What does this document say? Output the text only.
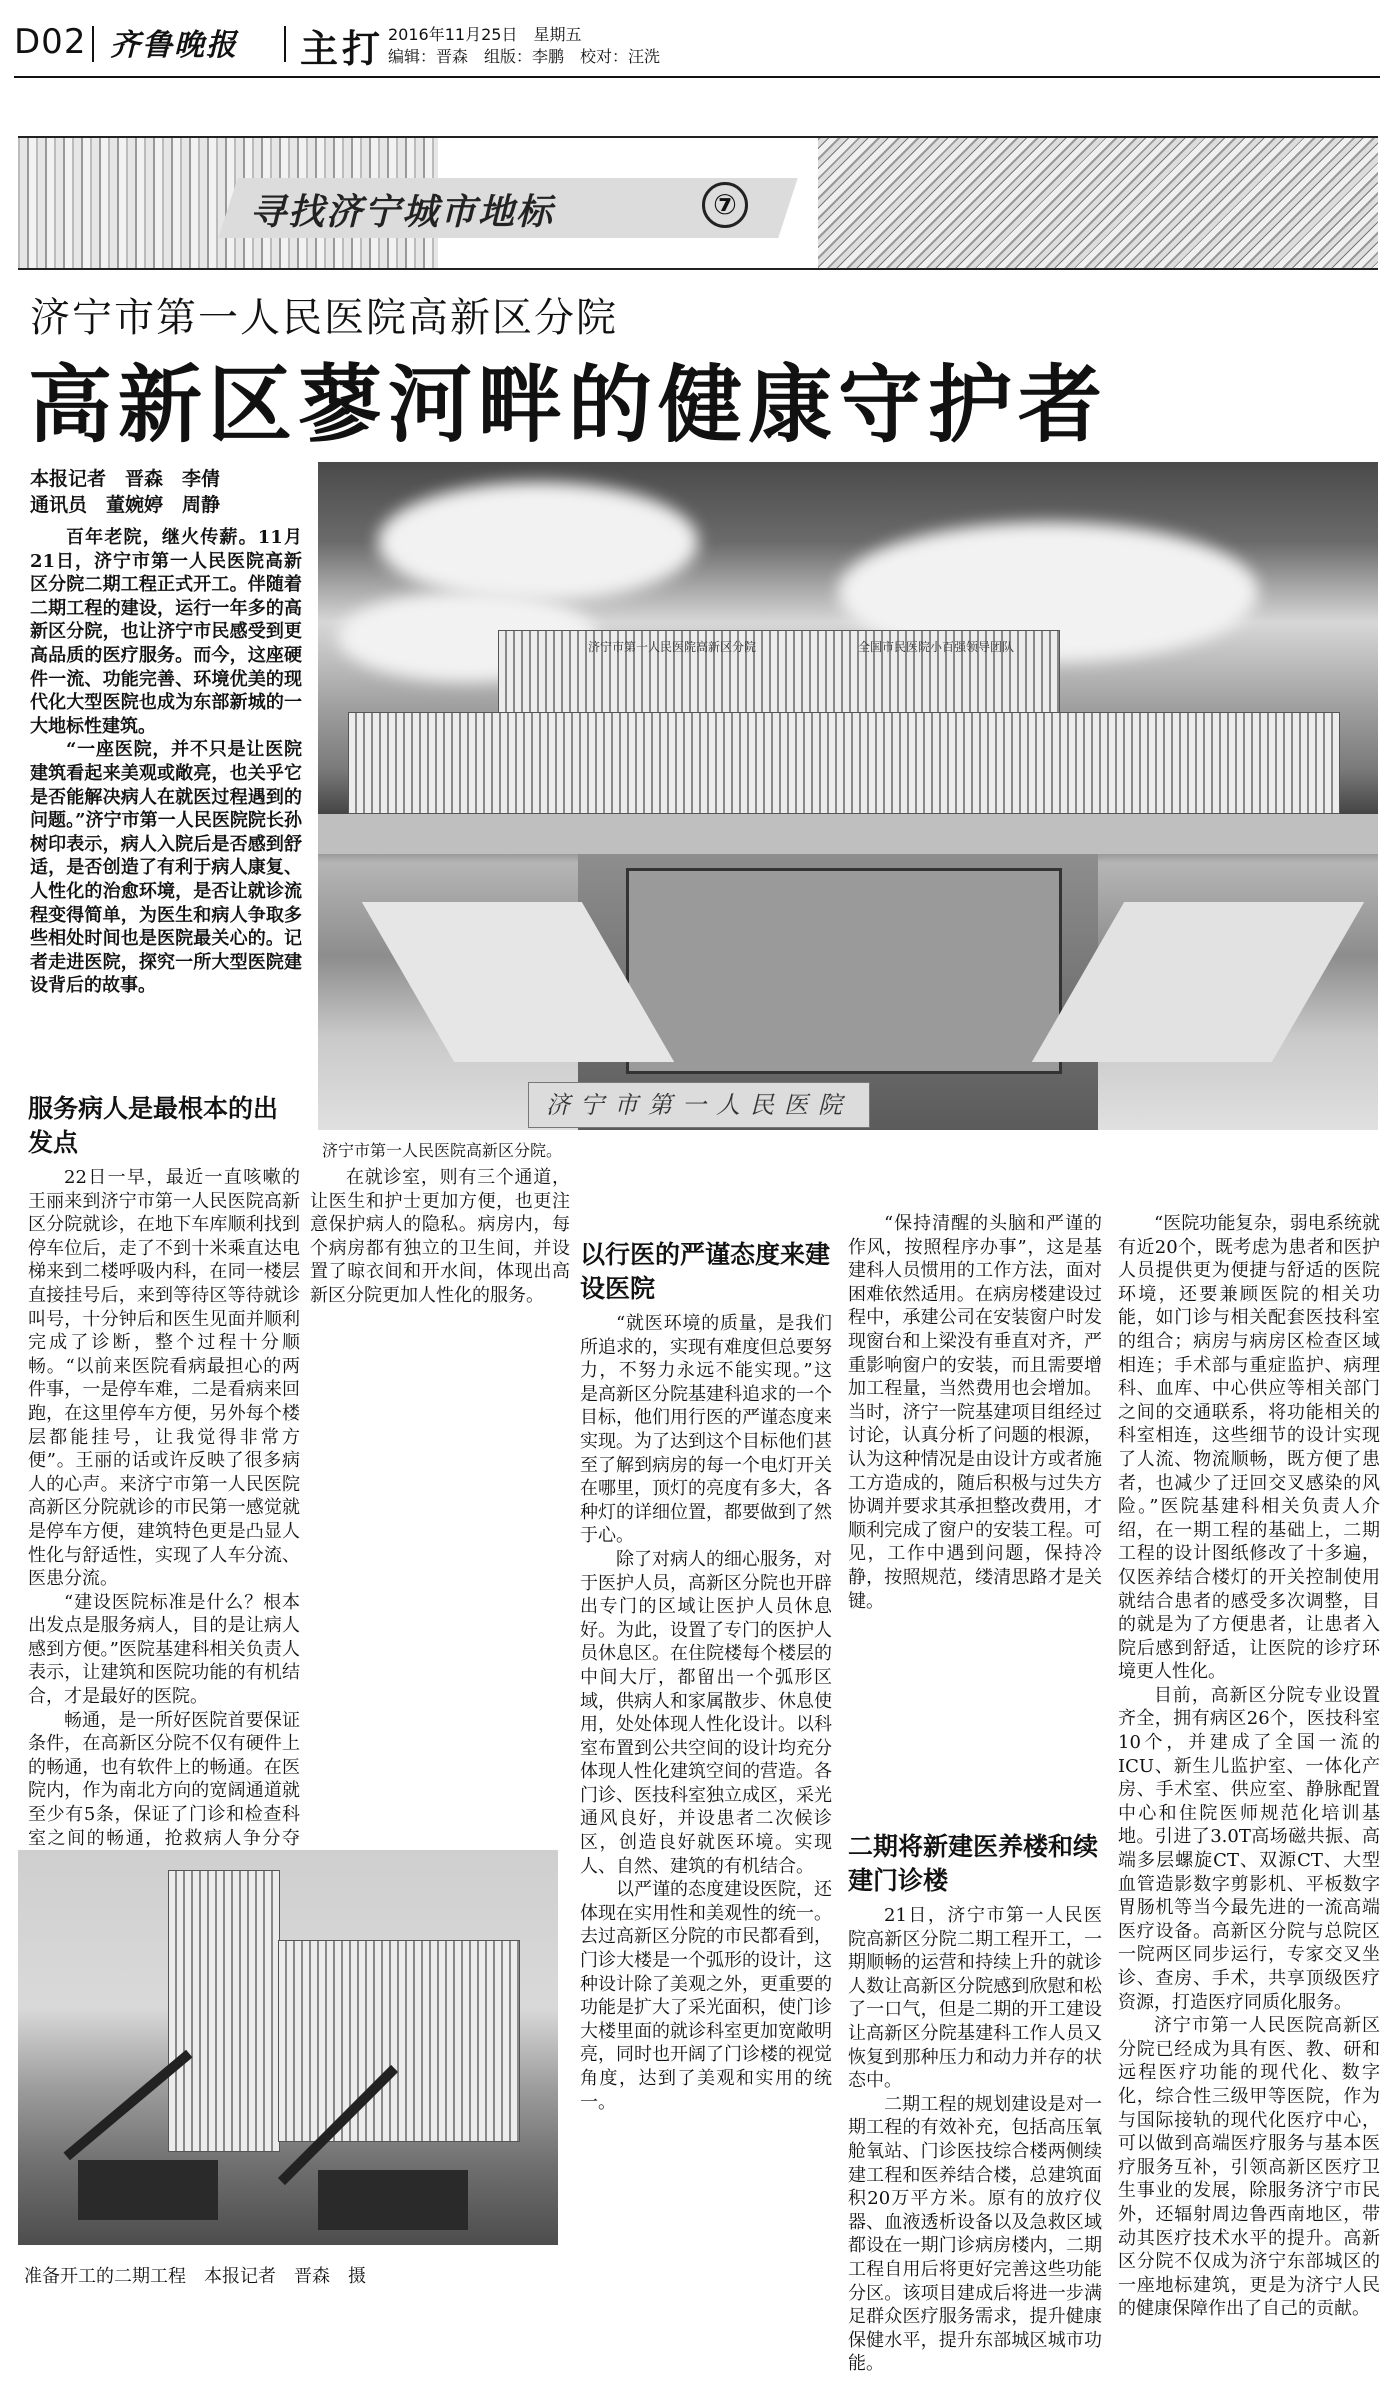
D02 齐鲁晚报 主打 2016年11月25日　星期五
编辑：晋森　组版：李鹏　校对：汪洗
寻找济宁城市地标	⑦
济宁市第一人民医院高新区分院
高新区蓼河畔的健康守护者
本报记者　晋森　李倩
通讯员　董婉婷　周静
济宁市第一人民医院高新区分院	全国市民医院小百强领导团队
济宁市第一人民医院
济宁市第一人民医院高新区分院。

百年老院，继火传薪。11月21日，济宁市第一人民医院高新区分院二期工程正式开工。伴随着二期工程的建设，运行一年多的高新区分院，也让济宁市民感受到更高品质的医疗服务。而今，这座硬件一流、功能完善、环境优美的现代化大型医院也成为东部新城的一大地标性建筑。

“一座医院，并不只是让医院建筑看起来美观或敞亮，也关乎它是否能解决病人在就医过程遇到的问题。”济宁市第一人民医院院长孙树印表示，病人入院后是否感到舒适，是否创造了有利于病人康复、人性化的治愈环境，是否让就诊流程变得简单，为医生和病人争取多些相处时间也是医院最关心的。记者走进医院，探究一所大型医院建设背后的故事。

服务病人是最根本的出发点

22日一早，最近一直咳嗽的王丽来到济宁市第一人民医院高新区分院就诊，在地下车库顺利找到停车位后，走了不到十米乘直达电梯来到二楼呼吸内科，在同一楼层直接挂号后，来到等待区等待就诊叫号，十分钟后和医生见面并顺利完成了诊断，整个过程十分顺畅。“以前来医院看病最担心的两件事，一是停车难，二是看病来回跑，在这里停车方便，另外每个楼层都能挂号，让我觉得非常方便”。王丽的话或许反映了很多病人的心声。来济宁市第一人民医院高新区分院就诊的市民第一感觉就是停车方便，建筑特色更是凸显人性化与舒适性，实现了人车分流、医患分流。

“建设医院标准是什么？根本出发点是服务病人，目的是让病人感到方便。”医院基建科相关负责人表示，让建筑和医院功能的有机结合，才是最好的医院。

畅通，是一所好医院首要保证条件，在高新区分院不仅有硬件上的畅通，也有软件上的畅通。在医院内，作为南北方向的宽阔通道就至少有5条，保证了门诊和检查科室之间的畅通，抢救病人争分夺

在就诊室，则有三个通道，让医生和护士更加方便，也更注意保护病人的隐私。病房内，每个病房都有独立的卫生间，并设置了晾衣间和开水间，体现出高新区分院更加人性化的服务。

以行医的严谨态度来建设医院

“就医环境的质量，是我们所追求的，实现有难度但总要努力，不努力永远不能实现。”这是高新区分院基建科追求的一个目标，他们用行医的严谨态度来实现。为了达到这个目标他们甚至了解到病房的每一个电灯开关在哪里，顶灯的亮度有多大，各种灯的详细位置，都要做到了然于心。

除了对病人的细心服务，对于医护人员，高新区分院也开辟出专门的区域让医护人员休息好。为此，设置了专门的医护人员休息区。在住院楼每个楼层的中间大厅，都留出一个弧形区域，供病人和家属散步、休息使用，处处体现人性化设计。以科室布置到公共空间的设计均充分体现人性化建筑空间的营造。各门诊、医技科室独立成区，采光通风良好，并设患者二次候诊区，创造良好就医环境。实现人、自然、建筑的有机结合。

以严谨的态度建设医院，还体现在实用性和美观性的统一。去过高新区分院的市民都看到，门诊大楼是一个弧形的设计，这种设计除了美观之外，更重要的功能是扩大了采光面积，使门诊大楼里面的就诊科室更加宽敞明亮，同时也开阔了门诊楼的视觉角度，达到了美观和实用的统一。

“保持清醒的头脑和严谨的作风，按照程序办事”，这是基建科人员惯用的工作方法，面对困难依然适用。在病房楼建设过程中，承建公司在安装窗户时发现窗台和上梁没有垂直对齐，严重影响窗户的安装，而且需要增加工程量，当然费用也会增加。当时，济宁一院基建项目组经过讨论，认真分析了问题的根源，认为这种情况是由设计方或者施工方造成的，随后积极与过失方协调并要求其承担整改费用，才顺利完成了窗户的安装工程。可见，工作中遇到问题，保持冷静，按照规范，缕清思路才是关键。

二期将新建医养楼和续建门诊楼

21日，济宁市第一人民医院高新区分院二期工程开工，一期顺畅的运营和持续上升的就诊人数让高新区分院感到欣慰和松了一口气，但是二期的开工建设让高新区分院基建科工作人员又恢复到那种压力和动力并存的状态中。

二期工程的规划建设是对一期工程的有效补充，包括高压氧舱氧站、门诊医技综合楼两侧续建工程和医养结合楼，总建筑面积20万平方米。原有的放疗仪器、血液透析设备以及急救区域都设在一期门诊病房楼内，二期工程自用后将更好完善这些功能分区。该项目建成后将进一步满足群众医疗服务需求，提升健康保健水平，提升东部城区城市功能。

“医院功能复杂，弱电系统就有近20个，既考虑为患者和医护人员提供更为便捷与舒适的医院环境，还要兼顾医院的相关功能，如门诊与相关配套医技科室的组合；病房与病房区检查区域相连；手术部与重症监护、病理科、血库、中心供应等相关部门之间的交通联系，将功能相关的科室相连，这些细节的设计实现了人流、物流顺畅，既方便了患者，也减少了迂回交叉感染的风险。”医院基建科相关负责人介绍，在一期工程的基础上，二期工程的设计图纸修改了十多遍，仅医养结合楼灯的开关控制使用就结合患者的感受多次调整，目的就是为了方便患者，让患者入院后感到舒适，让医院的诊疗环境更人性化。

目前，高新区分院专业设置齐全，拥有病区26个，医技科室10个，并建成了全国一流的ICU、新生儿监护室、一体化产房、手术室、供应室、静脉配置中心和住院医师规范化培训基地。引进了3.0T高场磁共振、高端多层螺旋CT、双源CT、大型血管造影数字剪影机、平板数字胃肠机等当今最先进的一流高端医疗设备。高新区分院与总院区一院两区同步运行，专家交叉坐诊、查房、手术，共享顶级医疗资源，打造医疗同质化服务。

济宁市第一人民医院高新区分院已经成为具有医、教、研和远程医疗功能的现代化、数字化，综合性三级甲等医院，作为与国际接轨的现代化医疗中心，可以做到高端医疗服务与基本医疗服务互补，引领高新区医疗卫生事业的发展，除服务济宁市民外，还辐射周边鲁西南地区，带动其医疗技术水平的提升。高新区分院不仅成为济宁东部城区的一座地标建筑，更是为济宁人民的健康保障作出了自己的贡献。

准备开工的二期工程　本报记者　晋森　摄
